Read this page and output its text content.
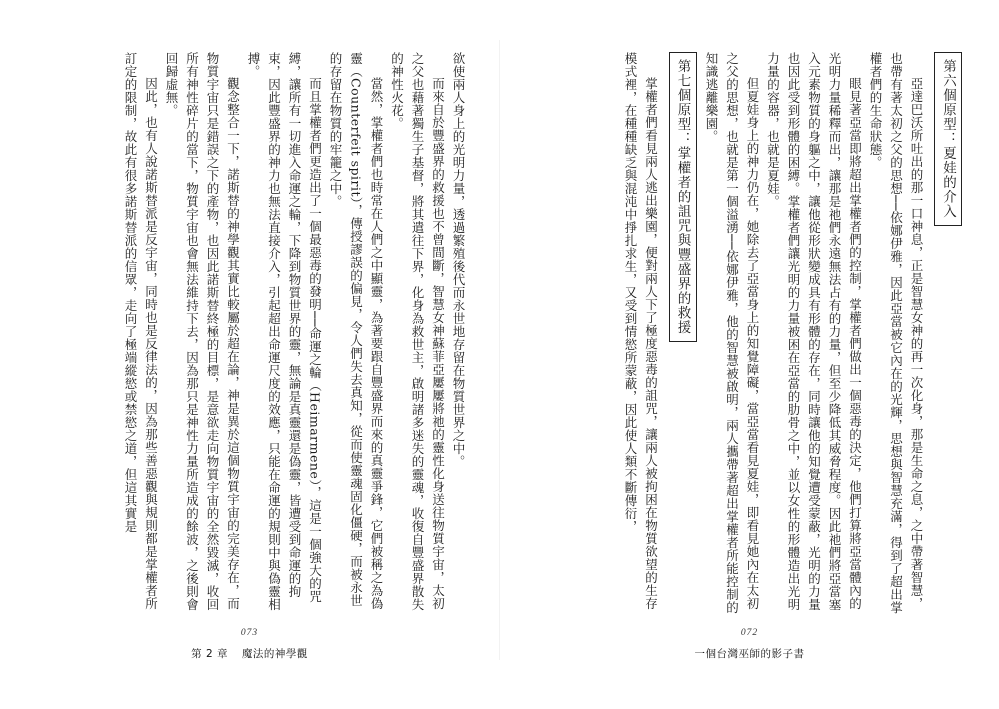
欲使兩人身上的光明力量，透過繁殖後代而永世地存留在物質世界之中。

而來自於豐盛界的救援也不曾間斷，智慧女神蘇菲亞屢屢將祂的靈性化身送往物質宇宙，太初之父也藉著獨生子基督，將其遣往下界，化身為救世主，啟明諸多迷失的靈魂，收復自豐盛界散失的神性火花。

當然，掌權者們也時常在人們之中顯靈，為著要跟自豐盛界而來的真靈爭鋒，它們被稱之為偽靈（Counterfeit spirit），傳授謬誤的偏見，令人們失去真知，從而使靈魂固化僵硬，而被永世的存留在物質的牢籠之中。

而且掌權者們更造出了一個最惡毒的發明──命運之輪（Heimarmene），這是一個強大的咒縛，讓所有一切進入命運之輪，下降到物質世界的靈，無論是真靈還是偽靈，皆遭受到命運的拘束，因此豐盛界的神力也無法直接介入，引起超出命運尺度的效應，只能在命運的規則中與偽靈相搏。

觀念整合一下，諾斯替的神學觀其實比較屬於超在論，神是異於這個物質宇宙的完美存在，而物質宇宙只是錯誤之下的產物，也因此諾斯替終極的目標，是意欲走向物質宇宙的全然毀滅，收回所有神性碎片的當下，物質宇宙也會無法維持下去，因為那只是神性力量所造成的餘波，之後則會回歸虛無。

因此，也有人說諾斯替派是反宇宙，同時也是反律法的，因為那些善惡觀與規則都是掌權者所訂定的限制，故此有很多諾斯替派的信眾，走向了極端縱慾或禁慾之道，但這其實是

073
第 2 章 魔法的神學觀

第六個原型：夏娃的介入

亞達巴沃所吐出的那一口神息，正是智慧女神的再一次化身，那是生命之息，之中帶著智慧，也帶有著太初之父的思想──依娜伊雅，因此亞當被它內在的光輝，思想與智慧充滿，得到了超出掌權者們的生命狀態。

眼見著亞當即將超出掌權者們的控制，掌權者們做出一個惡毒的決定，他們打算將亞當體內的光明力量稀釋而出，讓那是祂們永遠無法占有的力量，但至少降低其威脅程度。因此祂們將亞當塞入元素物質的身軀之中，讓他從形狀變成具有形體的存在，同時讓他的知覺遭受蒙蔽，光明的力量也因此受到形體的困縛。掌權者們讓光明的力量被困在亞當的肋骨之中，並以女性的形體造出光明力量的容器，也就是夏娃。

但夏娃身上的神力仍在，她除去了亞當身上的知覺障礙，當亞當看見夏娃，即看見她內在太初之父的思想，也就是第一個溢湧──依娜伊雅，他的智慧被啟明，兩人攜帶著超出掌權者所能控制的知識逃離樂園。

第七個原型：掌權者的詛咒與豐盛界的救援

掌權者們看見兩人逃出樂園，便對兩人下了極度惡毒的詛咒，讓兩人被拘困在物質欲望的生存模式裡，在種種缺乏與混沌中掙扎求生，又受到情慾所蒙蔽，因此使人類不斷傳衍，

072
一個台灣巫師的影子書
